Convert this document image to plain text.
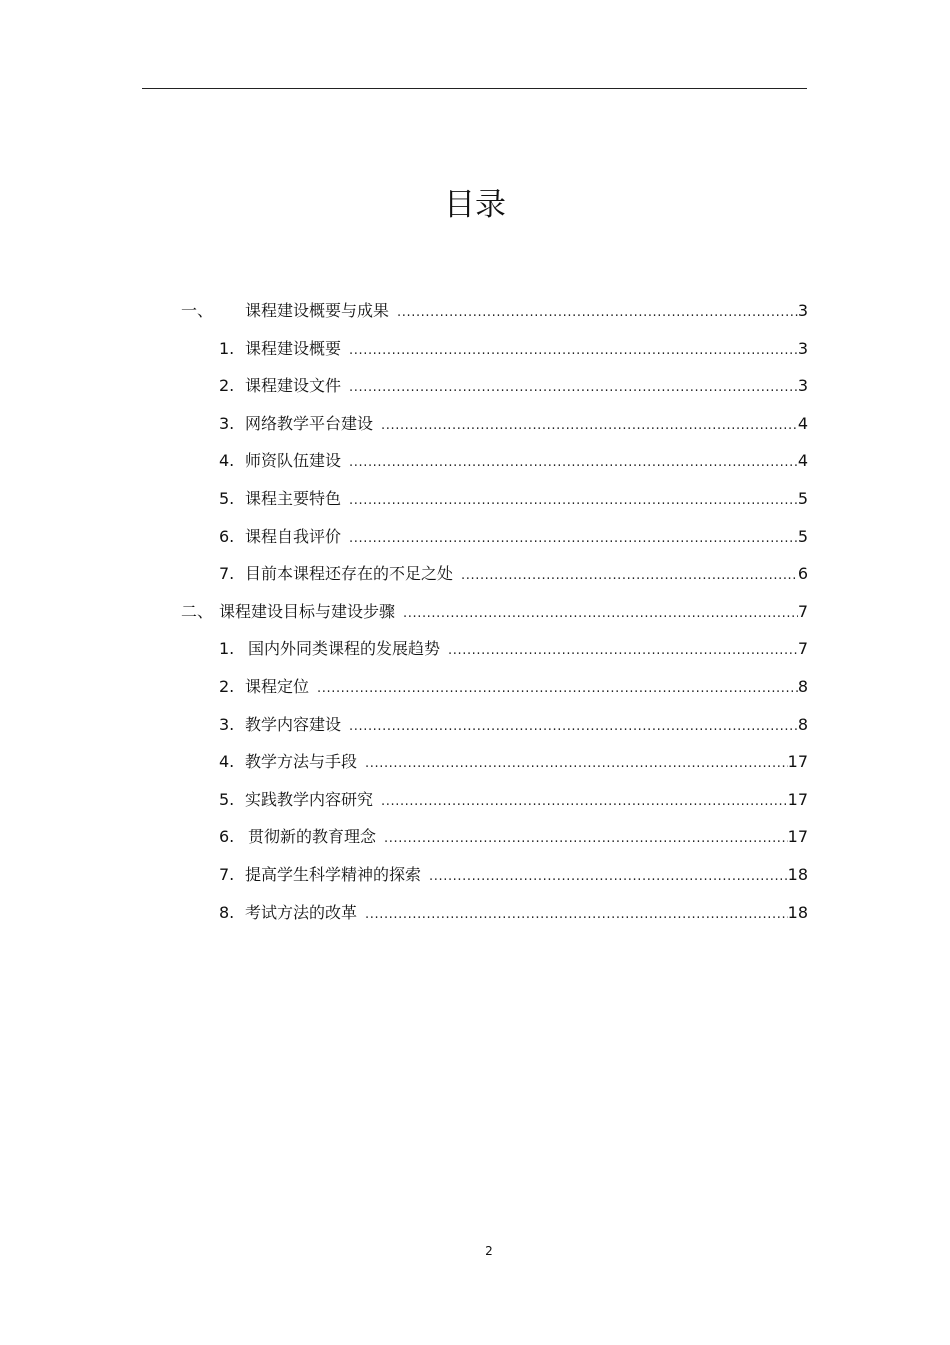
目录
一、	课程建设概要与成果 .....	3
1. 课程建设概要 .....	3
2. 课程建设文件 .....	3
3. 网络教学平台建设 .....	4
4. 师资队伍建设 .....	4
5. 课程主要特色 .....	5
6. 课程自我评价 .....	5
7. 目前本课程还存在的不足之处 .....	6
二、 课程建设目标与建设步骤 .....	7
1. 国内外同类课程的发展趋势 .....	7
2. 课程定位 .....	8
3. 教学内容建设 .....	8
4. 教学方法与手段 .....	17
5. 实践教学内容研究 .....	17
6. 贯彻新的教育理念 .....	17
7. 提高学生科学精神的探索 .....	18
8. 考试方法的改革 .....	18
2
